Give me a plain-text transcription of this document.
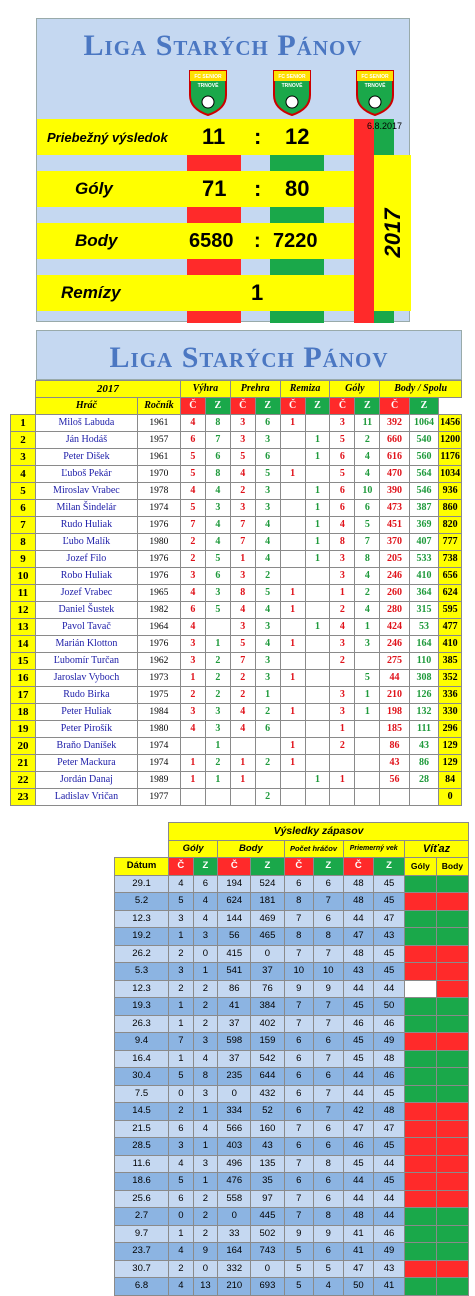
Liga Starých Pánov
FC SENIOR
TRNOVÉ
FC SENIOR
TRNOVÉ
FC SENIOR
TRNOVÉ
Priebežný výsledok 11 : 12	6.8.2017
Góly	71 : 80
Body	6580 : 7220
Remízy	1
2017
Liga Starých Pánov
	2017		Výhra		Prehra		Remiza		Góly		Body / Spolu		
	Hráč	Ročník	Č	Z	Č	Z	Č	Z	Č	Z	Č	Z	
1	Miloš Labuda	1961	4	8	3	6	1		3	11	392	1064	1456
2	Ján Hodáš	1957	6	7	3	3		1	5	2	660	540	1200
3	Peter Dišek	1961	5	6	5	6		1	6	4	616	560	1176
4	Ľuboš Pekár	1970	5	8	4	5	1		5	4	470	564	1034
5	Miroslav Vrabec	1978	4	4	2	3		1	6	10	390	546	936
6	Milan Šindelár	1974	5	3	3	3		1	6	6	473	387	860
7	Rudo Huliak	1976	7	4	7	4		1	4	5	451	369	820
8	Ľubo Malík	1980	2	4	7	4		1	8	7	370	407	777
9	Jozef Filo	1976	2	5	1	4		1	3	8	205	533	738
10	Robo Huliak	1976	3	6	3	2			3	4	246	410	656
11	Jozef Vrabec	1965	4	3	8	5	1		1	2	260	364	624
12	Daniel Šustek	1982	6	5	4	4	1		2	4	280	315	595
13	Pavol Tavač	1964	4		3	3		1	4	1	424	53	477
14	Marián Klotton	1976	3	1	5	4	1		3	3	246	164	410
15	Ľubomír Turčan	1962	3	2	7	3			2		275	110	385
16	Jaroslav Vyboch	1973	1	2	2	3	1			5	44	308	352
17	Rudo Birka	1975	2	2	2	1			3	1	210	126	336
18	Peter Huliak	1984	3	3	4	2	1		3	1	198	132	330
19	Peter Pirošík	1980	4	3	4	6			1		185	111	296
20	Braňo Daníšek	1974		1			1		2		86	43	129
21	Peter Mackura	1974	1	2	1	2	1				43	86	129
22	Jordán Danaj	1989	1	1	1			1	1		56	28	84
23	Ladislav Vričan	1977				2							0
	Výsledky zápasov									
	Góly		Body		Počet hráčov		Priemerný vek		Víťaz	
Dátum	Č	Z	Č	Z	Č	Z	Č	Z	Góly	Body
29.1	4	6	194	524	6	6	48	45		
5.2	5	4	624	181	8	7	48	45		
12.3	3	4	144	469	7	6	44	47		
19.2	1	3	56	465	8	8	47	43		
26.2	2	0	415	0	7	7	48	45		
5.3	3	1	541	37	10	10	43	45		
12.3	2	2	86	76	9	9	44	44		
19.3	1	2	41	384	7	7	45	50		
26.3	1	2	37	402	7	7	46	46		
9.4	7	3	598	159	6	6	45	49		
16.4	1	4	37	542	6	7	45	48		
30.4	5	8	235	644	6	6	44	46		
7.5	0	3	0	432	6	7	44	45		
14.5	2	1	334	52	6	7	42	48		
21.5	6	4	566	160	7	6	47	47		
28.5	3	1	403	43	6	6	46	45		
11.6	4	3	496	135	7	8	45	44		
18.6	5	1	476	35	6	6	44	45		
25.6	6	2	558	97	7	6	44	44		
2.7	0	2	0	445	7	8	48	44		
9.7	1	2	33	502	9	9	41	46		
23.7	4	9	164	743	5	6	41	49		
30.7	2	0	332	0	5	5	47	43		
6.8	4	13	210	693	5	4	50	41		
